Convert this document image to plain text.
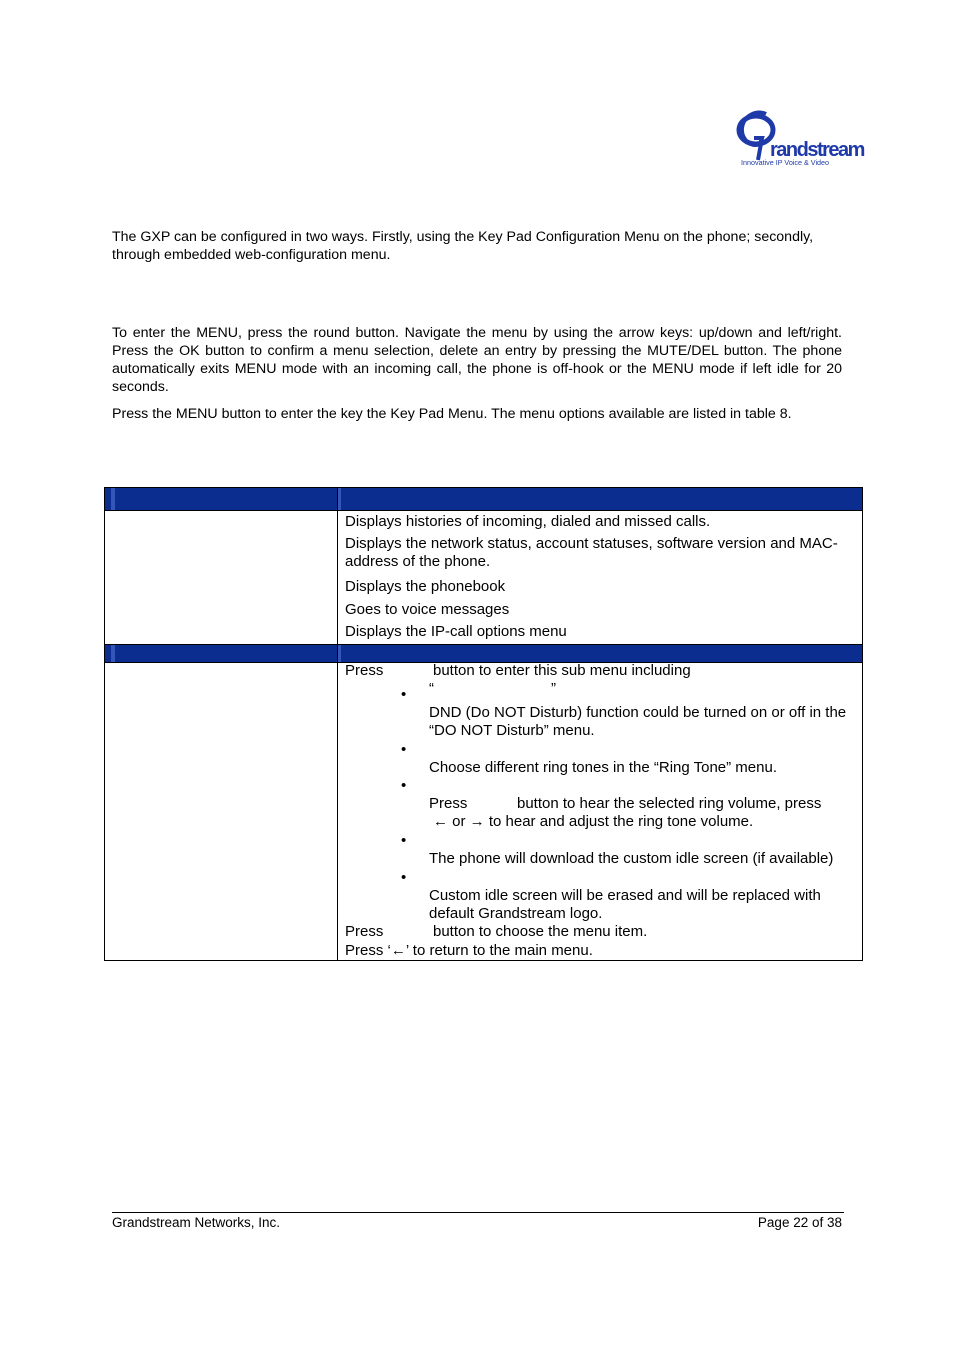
randstream
Innovative IP Voice & Video
The GXP can be configured in two ways. Firstly, using the Key Pad Configuration Menu on the phone; secondly, through embedded web-configuration menu.
To enter the MENU, press the round button. Navigate the menu by using the arrow keys: up/down and left/right. Press the OK button to confirm a menu selection, delete an entry by pressing the MUTE/DEL button. The phone automatically exits MENU mode with an incoming call, the phone is off-hook or the MENU mode if left idle for 20 seconds.
Press the MENU button to enter the key the Key Pad Menu. The menu options available are listed in table 8.
Displays histories of incoming, dialed and missed calls.
Displays the network status, account statuses, software version and MAC-address of the phone.
Displays the phonebook
Goes to voice messages
Displays the IP-call options menu
Press	button to enter this sub menu including
• “	”
DND (Do NOT Disturb) function could be turned on or off in the “DO NOT Disturb” menu.
•
Choose different ring tones in the “Ring Tone” menu.
•
Press	button to hear the selected ring volume, press
← or → to hear and adjust the ring tone volume.
•
The phone will download the custom idle screen (if available)
•
Custom idle screen will be erased and will be replaced with default Grandstream logo.
Press	button to choose the menu item.
Press ‘←’ to return to the main menu.
Grandstream Networks, Inc.	Page 22 of 38
